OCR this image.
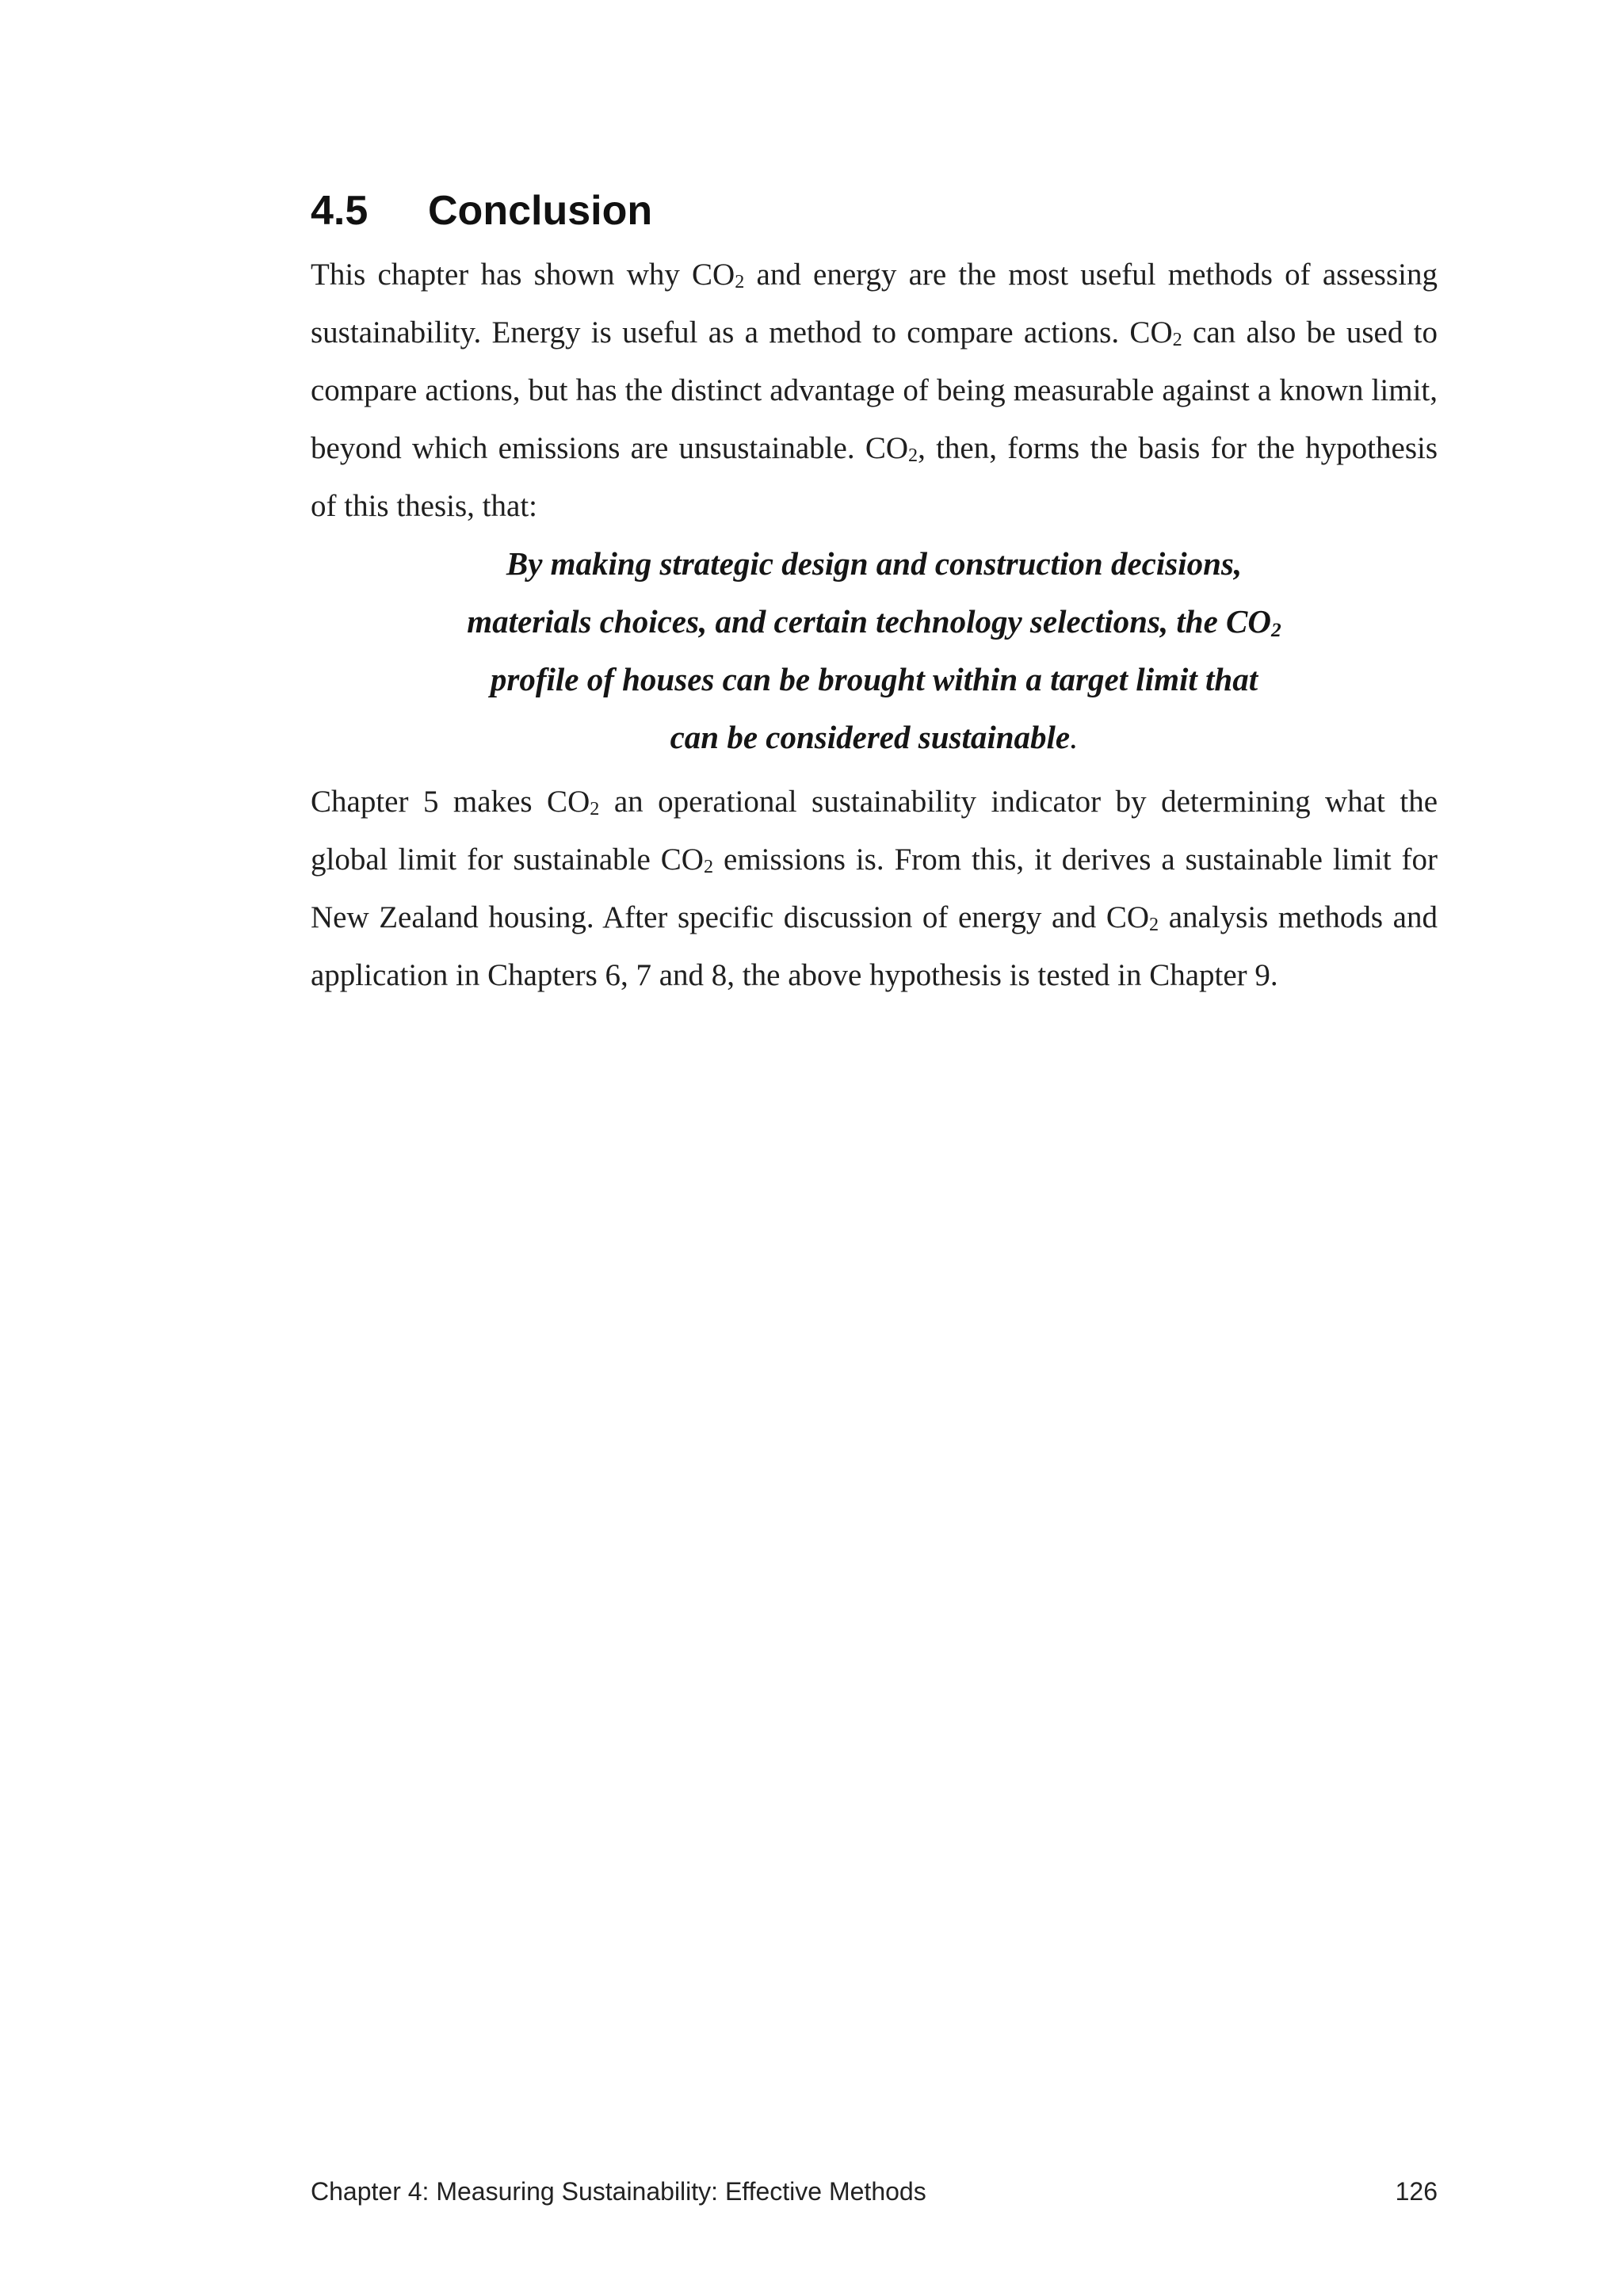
4.5	Conclusion

This chapter has shown why $CO_2$ and energy are the most useful methods of assessing sustainability. Energy is useful as a method to compare actions. $CO_2$ can also be used to compare actions, but has the distinct advantage of being measurable against a known limit, beyond which emissions are unsustainable. $CO_2$, then, forms the basis for the hypothesis of this thesis, that:

By making strategic design and construction decisions,
materials choices, and certain technology selections, the $CO_2$
profile of houses can be brought within a target limit that
can be considered sustainable.

Chapter 5 makes $CO_2$ an operational sustainability indicator by determining what the global limit for sustainable $CO_2$ emissions is. From this, it derives a sustainable limit for New Zealand housing. After specific discussion of energy and $CO_2$ analysis methods and application in Chapters 6, 7 and 8, the above hypothesis is tested in Chapter 9.

Chapter 4: Measuring Sustainability: Effective Methods	126
